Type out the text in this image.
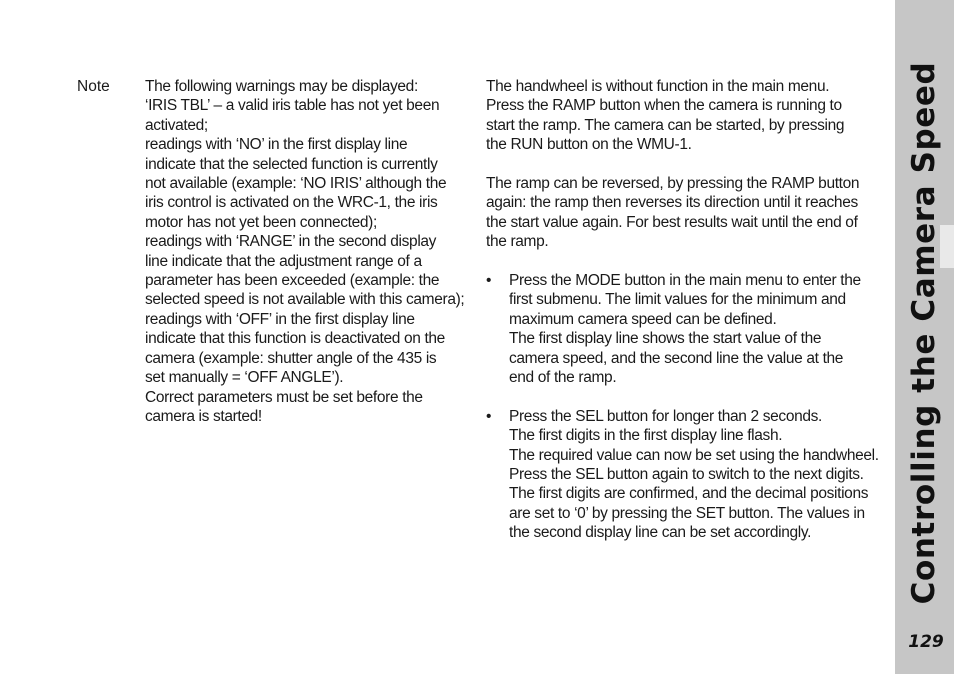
Note The following warnings may be displayed:
‘IRIS TBL’ – a valid iris table has not yet been
activated;
readings with ‘NO’ in the first display line
indicate that the selected function is currently
not available (example: ‘NO IRIS’ although the
iris control is activated on the WRC-1, the iris
motor has not yet been connected);
readings with ‘RANGE’ in the second display
line indicate that the adjustment range of a
parameter has been exceeded (example: the
selected speed is not available with this camera);
readings with ‘OFF’ in the first display line
indicate that this function is deactivated on the
camera (example: shutter angle of the 435 is
set manually = ‘OFF ANGLE’).
Correct parameters must be set before the
camera is started!
The handwheel is without function in the main menu.
Press the RAMP button when the camera is running to
start the ramp. The camera can be started, by pressing
the RUN button on the WMU-1.
The ramp can be reversed, by pressing the RAMP button
again: the ramp then reverses its direction until it reaches
the start value again. For best results wait until the end of
the ramp.
• Press the MODE button in the main menu to enter the
first submenu. The limit values for the minimum and
maximum camera speed can be defined.
The first display line shows the start value of the
camera speed, and the second line the value at the
end of the ramp.
• Press the SEL button for longer than 2 seconds.
The first digits in the first display line flash.
The required value can now be set using the handwheel.
Press the SEL button again to switch to the next digits.
The first digits are confirmed, and the decimal positions
are set to ‘0’ by pressing the SET button. The values in
the second display line can be set accordingly.	Controlling the Camera Speed
129
